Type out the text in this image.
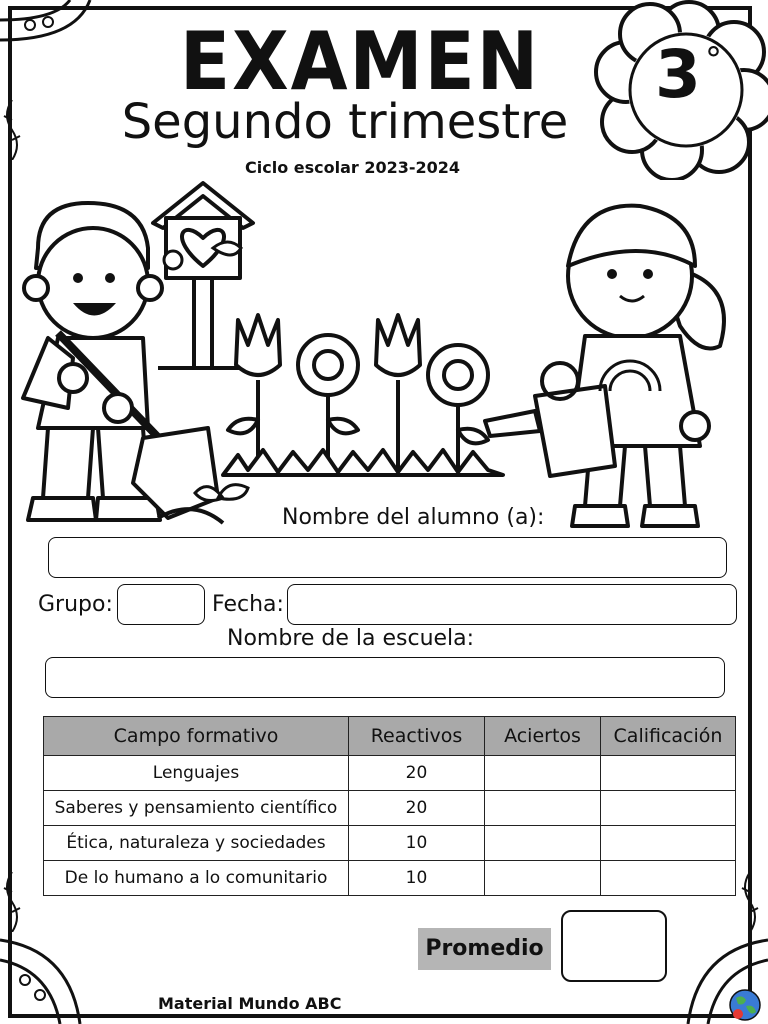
EXAMEN
Segundo trimestre
Ciclo escolar 2023-2024
3 °
Nombre del alumno (a):
Grupo:	Fecha:
Nombre de la escuela:
Campo formativo	Reactivos	Aciertos	Calificación
Lenguajes	20		
Saberes y pensamiento científico	20		
Ética, naturaleza y sociedades	10		
De lo humano a lo comunitario	10		
Promedio
Material Mundo ABC
